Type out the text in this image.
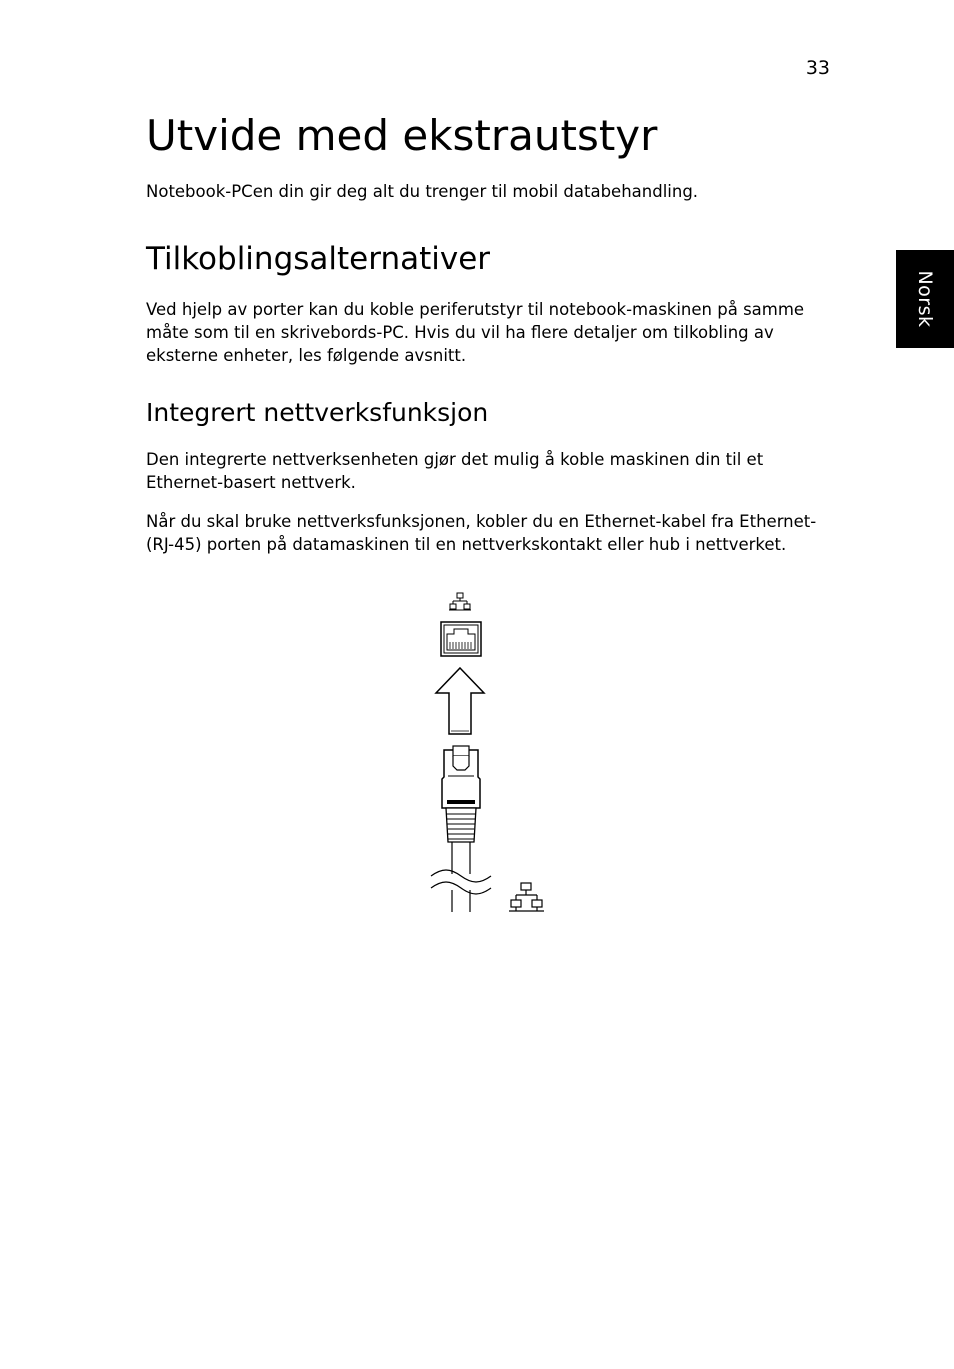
33
Norsk
Utvide med ekstrautstyr

Notebook-PCen din gir deg alt du trenger til mobil databehandling.

Tilkoblingsalternativer

Ved hjelp av porter kan du koble periferutstyr til notebook-maskinen på samme måte som til en skrivebords-PC. Hvis du vil ha flere detaljer om tilkobling av eksterne enheter, les følgende avsnitt.

Integrert nettverksfunksjon

Den integrerte nettverksenheten gjør det mulig å koble maskinen din til et Ethernet-basert nettverk.

Når du skal bruke nettverksfunksjonen, kobler du en Ethernet-kabel fra Ethernet- (RJ-45) porten på datamaskinen til en nettverkskontakt eller hub i nettverket.
